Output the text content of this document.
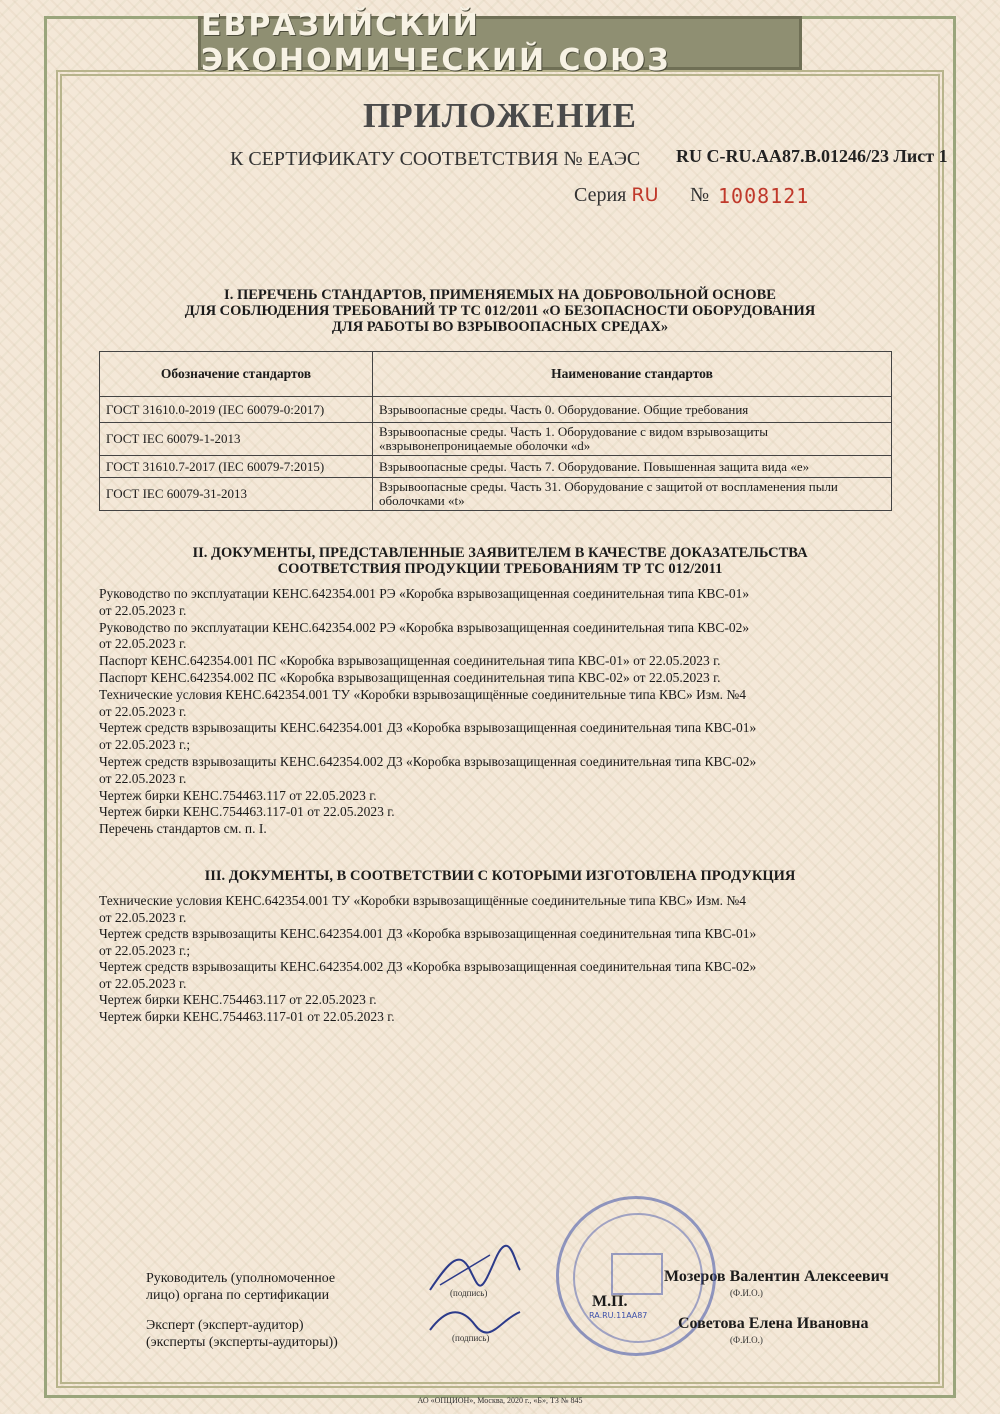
ЕВРАЗИЙСКИЙ ЭКОНОМИЧЕСКИЙ СОЮЗ
ПРИЛОЖЕНИЕ
К СЕРТИФИКАТУ СООТВЕТСТВИЯ № ЕАЭС RU C-RU.AA87.B.01246/23 Лист 1
Серия RU № 1008121
I. ПЕРЕЧЕНЬ СТАНДАРТОВ, ПРИМЕНЯЕМЫХ НА ДОБРОВОЛЬНОЙ ОСНОВЕ
ДЛЯ СОБЛЮДЕНИЯ ТРЕБОВАНИЙ ТР ТС 012/2011 «О БЕЗОПАСНОСТИ ОБОРУДОВАНИЯ
ДЛЯ РАБОТЫ ВО ВЗРЫВООПАСНЫХ СРЕДАХ»
Обозначение стандартов	Наименование стандартов
ГОСТ 31610.0-2019 (IEC 60079-0:2017)	Взрывоопасные среды. Часть 0. Оборудование. Общие требования
ГОСТ IEC 60079-1-2013	Взрывоопасные среды. Часть 1. Оборудование с видом взрывозащиты «взрывонепроницаемые оболочки «d»
ГОСТ 31610.7-2017 (IEC 60079-7:2015)	Взрывоопасные среды. Часть 7. Оборудование. Повышенная защита вида «e»
ГОСТ IEC 60079-31-2013	Взрывоопасные среды. Часть 31. Оборудование с защитой от воспламенения пыли оболочками «t»
II. ДОКУМЕНТЫ, ПРЕДСТАВЛЕННЫЕ ЗАЯВИТЕЛЕМ В КАЧЕСТВЕ ДОКАЗАТЕЛЬСТВА
СООТВЕТСТВИЯ ПРОДУКЦИИ ТРЕБОВАНИЯМ ТР ТС 012/2011
Руководство по эксплуатации КЕНС.642354.001 РЭ «Коробка взрывозащищенная соединительная типа КВС-01»
от 22.05.2023 г.
Руководство по эксплуатации КЕНС.642354.002 РЭ «Коробка взрывозащищенная соединительная типа КВС-02»
от 22.05.2023 г.
Паспорт КЕНС.642354.001 ПС «Коробка взрывозащищенная соединительная типа КВС-01» от 22.05.2023 г.
Паспорт КЕНС.642354.002 ПС «Коробка взрывозащищенная соединительная типа КВС-02» от 22.05.2023 г.
Технические условия КЕНС.642354.001 ТУ «Коробки взрывозащищённые соединительные типа КВС» Изм. №4
от 22.05.2023 г.
Чертеж средств взрывозащиты КЕНС.642354.001 Д3 «Коробка взрывозащищенная соединительная типа КВС-01»
от 22.05.2023 г.;
Чертеж средств взрывозащиты КЕНС.642354.002 Д3 «Коробка взрывозащищенная соединительная типа КВС-02»
от 22.05.2023 г.
Чертеж бирки КЕНС.754463.117 от 22.05.2023 г.
Чертеж бирки КЕНС.754463.117-01 от 22.05.2023 г.
Перечень стандартов см. п. I.
III. ДОКУМЕНТЫ, В СООТВЕТСТВИИ С КОТОРЫМИ ИЗГОТОВЛЕНА ПРОДУКЦИЯ
Технические условия КЕНС.642354.001 ТУ «Коробки взрывозащищённые соединительные типа КВС» Изм. №4
от 22.05.2023 г.
Чертеж средств взрывозащиты КЕНС.642354.001 Д3 «Коробка взрывозащищенная соединительная типа КВС-01»
от 22.05.2023 г.;
Чертеж средств взрывозащиты КЕНС.642354.002 Д3 «Коробка взрывозащищенная соединительная типа КВС-02»
от 22.05.2023 г.
Чертеж бирки КЕНС.754463.117 от 22.05.2023 г.
Чертеж бирки КЕНС.754463.117-01 от 22.05.2023 г.
Руководитель (уполномоченное
лицо) органа по сертификации	(подпись)
Мозеров Валентин Алексеевич
(Ф.И.О.)
М.П.
RA.RU.11АА87
Эксперт (эксперт-аудитор)
(эксперты (эксперты-аудиторы))	(подпись)
Советова Елена Ивановна
(Ф.И.О.)
АО «ОПЦИОН», Москва, 2020 г., «Б», ТЗ № 845
